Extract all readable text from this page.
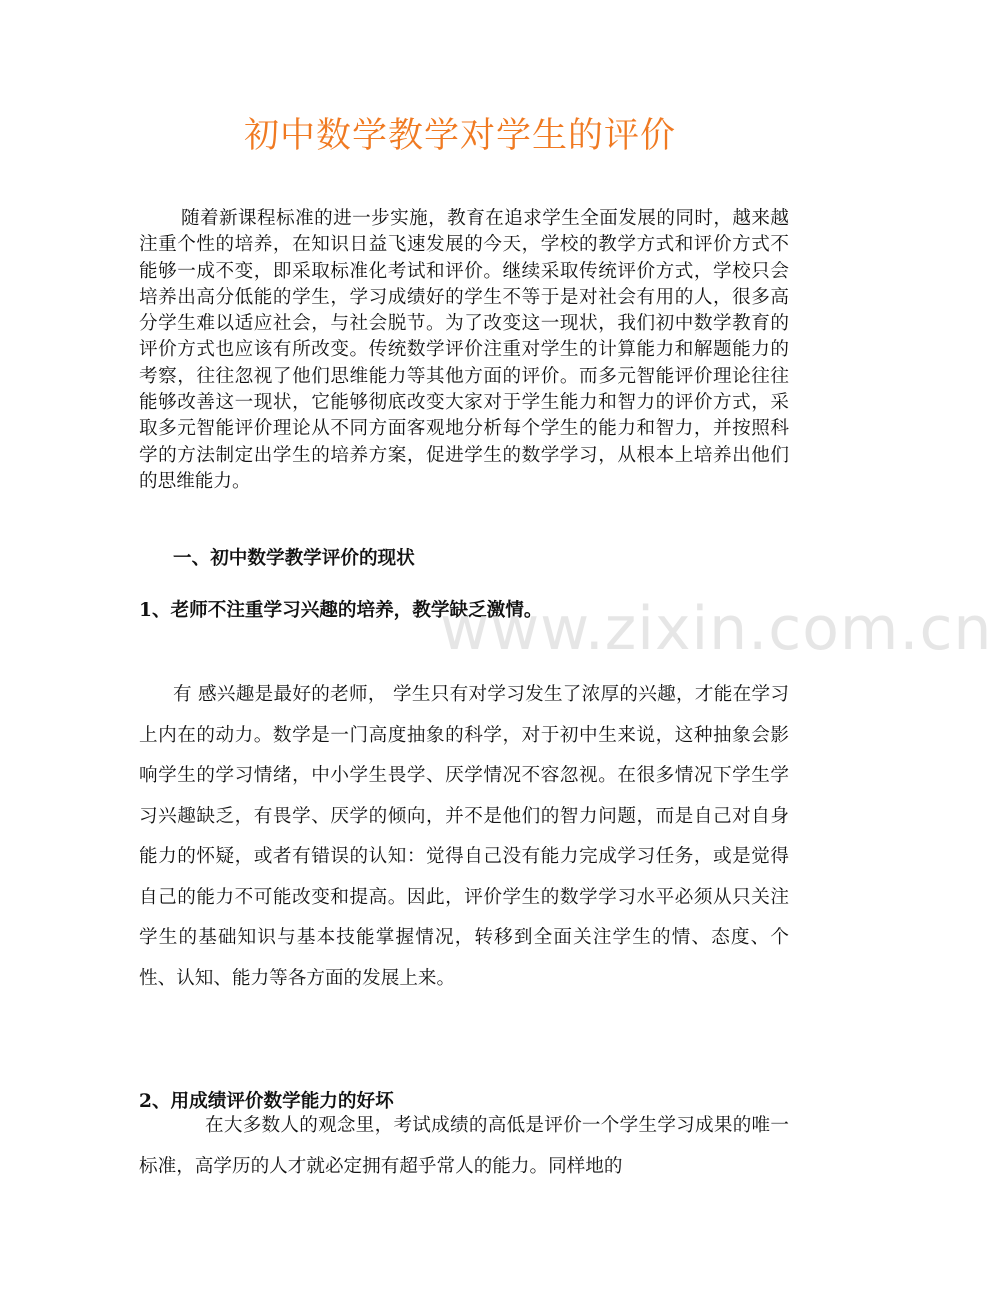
初中数学教学对学生的评价

随着新课程标准的进一步实施，教育在追求学生全面发展的同时，越来越注重个性的培养，在知识日益飞速发展的今天，学校的教学方式和评价方式不能够一成不变，即采取标准化考试和评价。继续采取传统评价方式，学校只会培养出高分低能的学生，学习成绩好的学生不等于是对社会有用的人，很多高分学生难以适应社会，与社会脱节。为了改变这一现状，我们初中数学教育的评价方式也应该有所改变。传统数学评价注重对学生的计算能力和解题能力的考察，往往忽视了他们思维能力等其他方面的评价。而多元智能评价理论往往能够改善这一现状，它能够彻底改变大家对于学生能力和智力的评价方式，采取多元智能评价理论从不同方面客观地分析每个学生的能力和智力，并按照科学的方法制定出学生的培养方案，促进学生的数学学习，从根本上培养出他们的思维能力。

一、初中数学教学评价的现状

1、老师不注重学习兴趣的培养，教学缺乏激情。

www.zixin.com.cn

有 感兴趣是最好的老师， 学生只有对学习发生了浓厚的兴趣，才能在学习上内在的动力。数学是一门高度抽象的科学，对于初中生来说，这种抽象会影响学生的学习情绪，中小学生畏学、厌学情况不容忽视。在很多情况下学生学习兴趣缺乏，有畏学、厌学的倾向，并不是他们的智力问题，而是自己对自身能力的怀疑，或者有错误的认知：觉得自己没有能力完成学习任务，或是觉得自己的能力不可能改变和提高。因此，评价学生的数学学习水平必须从只关注学生的基础知识与基本技能掌握情况，转移到全面关注学生的情、态度、个性、认知、能力等各方面的发展上来。

2、用成绩评价数学能力的好坏

在大多数人的观念里，考试成绩的高低是评价一个学生学习成果的唯一标准，高学历的人才就必定拥有超乎常人的能力。同样地的
